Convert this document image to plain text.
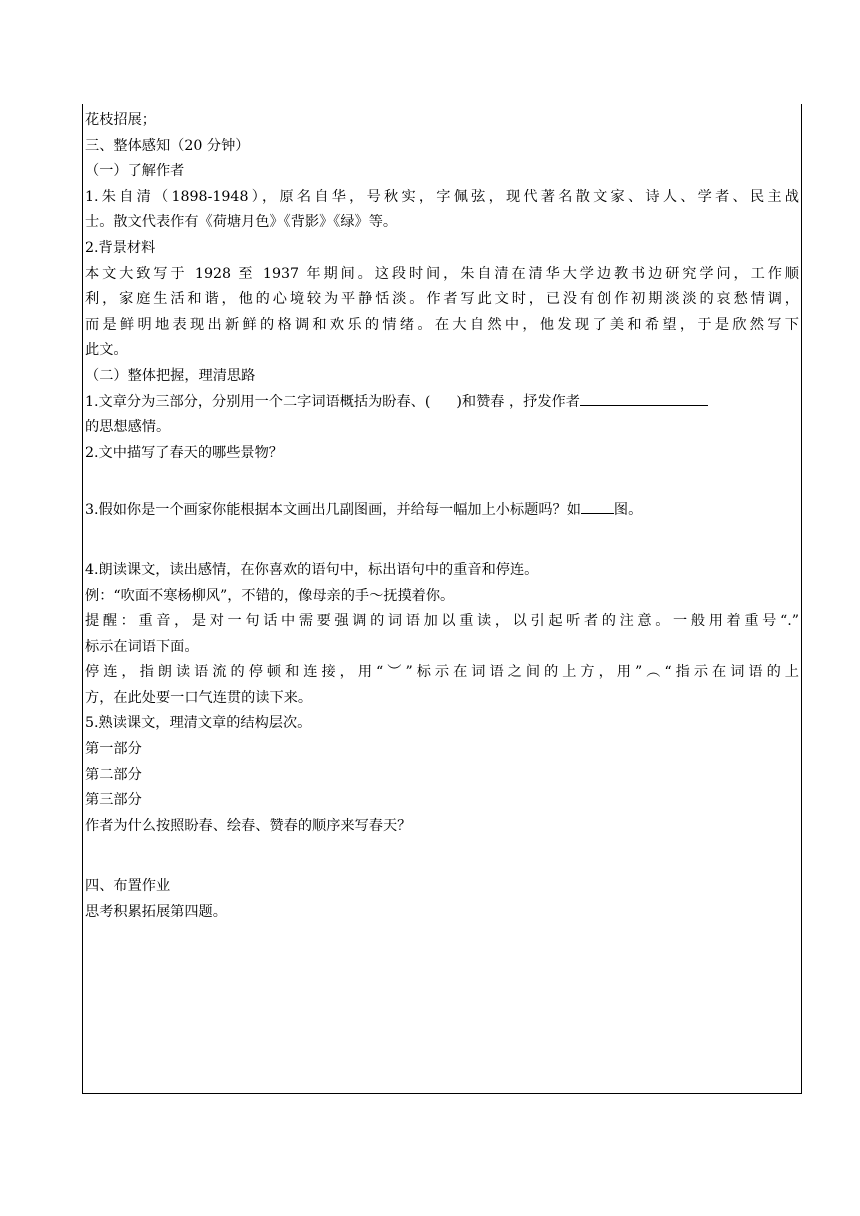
花枝招展；
三、整体感知（20 分钟）
（一）了解作者
1.朱自清（1898-1948），原名自华，号秋实，字佩弦，现代著名散文家、诗人、学者、民主战
士。散文代表作有《荷塘月色》《背影》《绿》等。
2.背景材料
本文大致写于 1928 至 1937 年期间。这段时间，朱自清在清华大学边教书边研究学问，工作顺
利，家庭生活和谐，他的心境较为平静恬淡。作者写此文时，已没有创作初期淡淡的哀愁情调，
而是鲜明地表现出新鲜的格调和欢乐的情绪。在大自然中，他发现了美和希望，于是欣然写下
此文。
（二）整体把握，理清思路
1.文章分为三部分，分别用一个二字词语概括为盼春、( )和赞春 ，抒发作者
的思想感情。
2.文中描写了春天的哪些景物？
3.假如你是一个画家你能根据本文画出几副图画，并给每一幅加上小标题吗？如 图。
4.朗读课文，读出感情，在你喜欢的语句中，标出语句中的重音和停连。
例：“吹面不寒杨柳风”，不错的，像母亲的手～抚摸着你。
提醒：重音，是对一句话中需要强调的词语加以重读，以引起听者的注意。一般用着重号“.”
标示在词语下面。
停连，指朗读语流的停顿和连接，用“︶”标示在词语之间的上方，用”︵“指示在词语的上
方，在此处要一口气连贯的读下来。
5.熟读课文，理清文章的结构层次。
第一部分
第二部分
第三部分
作者为什么按照盼春、绘春、赞春的顺序来写春天？
四、布置作业
思考积累拓展第四题。
